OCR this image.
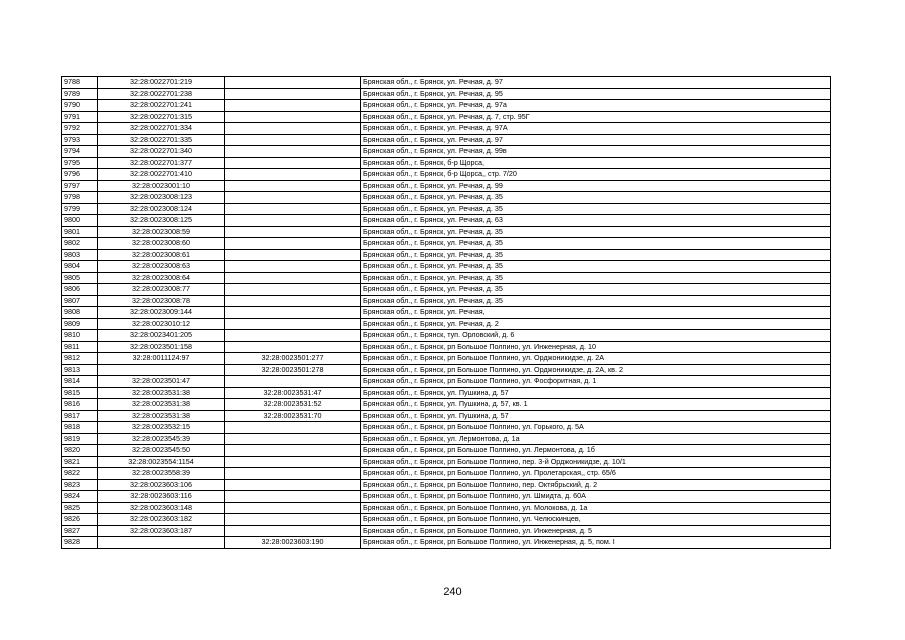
9788	32:28:0022701:219		Брянская обл., г. Брянск, ул. Речная, д. 97
9789	32:28:0022701:238		Брянская обл., г. Брянск, ул. Речная, д. 95
9790	32:28:0022701:241		Брянская обл., г. Брянск, ул. Речная, д. 97а
9791	32:28:0022701:315		Брянская обл., г. Брянск, ул. Речная, д. 7, стр. 95Г
9792	32:28:0022701:334		Брянская обл., г. Брянск, ул. Речная, д. 97А
9793	32:28:0022701:335		Брянская обл., г. Брянск, ул. Речная, д. 97
9794	32:28:0022701:340		Брянская обл., г. Брянск, ул. Речная, д. 99в
9795	32:28:0022701:377		Брянская обл., г. Брянск, б-р Щорса,
9796	32:28:0022701:410		Брянская обл., г. Брянск, б-р Щорса,, стр. 7/20
9797	32:28:0023001:10		Брянская обл., г. Брянск, ул. Речная, д. 99
9798	32:28:0023008:123		Брянская обл., г. Брянск, ул. Речная, д. 35
9799	32:28:0023008:124		Брянская обл., г. Брянск, ул. Речная, д. 35
9800	32:28:0023008:125		Брянская обл., г. Брянск, ул. Речная, д. 63
9801	32:28:0023008:59		Брянская обл., г. Брянск, ул. Речная, д. 35
9802	32:28:0023008:60		Брянская обл., г. Брянск, ул. Речная, д. 35
9803	32:28:0023008:61		Брянская обл., г. Брянск, ул. Речная, д. 35
9804	32:28:0023008:63		Брянская обл., г. Брянск, ул. Речная, д. 35
9805	32:28:0023008:64		Брянская обл., г. Брянск, ул. Речная, д. 35
9806	32:28:0023008:77		Брянская обл., г. Брянск, ул. Речная, д. 35
9807	32:28:0023008:78		Брянская обл., г. Брянск, ул. Речная, д. 35
9808	32:28:0023009:144		Брянская обл., г. Брянск, ул. Речная,
9809	32:28:0023010:12		Брянская обл., г. Брянск, ул. Речная, д. 2
9810	32:28:0023401:205		Брянская обл., г. Брянск, туп. Орловский, д. 6
9811	32:28:0023501:158		Брянская обл., г. Брянск, рп Большое Полпино, ул. Инженерная, д. 10
9812	32:28:0011124:97	32:28:0023501:277	Брянская обл., г. Брянск, рп Большое Полпино, ул. Орджоникидзе, д. 2А
9813		32:28:0023501:278	Брянская обл., г. Брянск, рп Большое Полпино, ул. Орджоникидзе, д. 2А, кв. 2
9814	32:28:0023501:47		Брянская обл., г. Брянск, рп Большое Полпино, ул. Фосфоритная, д. 1
9815	32:28:0023531:38	32:28:0023531:47	Брянская обл., г. Брянск, ул. Пушкина, д. 57
9816	32:28:0023531:38	32:28:0023531:52	Брянская обл., г. Брянск, ул. Пушкина, д. 57, кв. 1
9817	32:28:0023531:38	32:28:0023531:70	Брянская обл., г. Брянск, ул. Пушкина, д. 57
9818	32:28:0023532:15		Брянская обл., г. Брянск, рп Большое Полпино, ул. Горького, д. 5А
9819	32:28:0023545:39		Брянская обл., г. Брянск, ул. Лермонтова, д. 1а
9820	32:28:0023545:50		Брянская обл., г. Брянск, рп Большое Полпино, ул. Лермонтова, д. 1б
9821	32:28:0023554:1154		Брянская обл., г. Брянск, рп Большое Полпино, пер. 3-й Орджоникидзе, д. 10/1
9822	32:28:0023558:39		Брянская обл., г. Брянск, рп Большое Полпино, ул. Пролетарская,, стр. 65/6
9823	32:28:0023603:106		Брянская обл., г. Брянск, рп Большое Полпино, пер. Октябрьский, д. 2
9824	32:28:0023603:116		Брянская обл., г. Брянск, рп Большое Полпино, ул. Шмидта, д. 60А
9825	32:28:0023603:148		Брянская обл., г. Брянск, рп Большое Полпино, ул. Молокова, д. 1а
9826	32:28:0023603:182		Брянская обл., г. Брянск, рп Большое Полпино, ул. Челюскинцев,
9827	32:28:0023603:187		Брянская обл., г. Брянск, рп Большое Полпино, ул. Инженерная, д. 5
9828		32:28:0023603:190	Брянская обл., г. Брянск, рп Большое Полпино, ул. Инженерная, д. 5, пом. I
240
